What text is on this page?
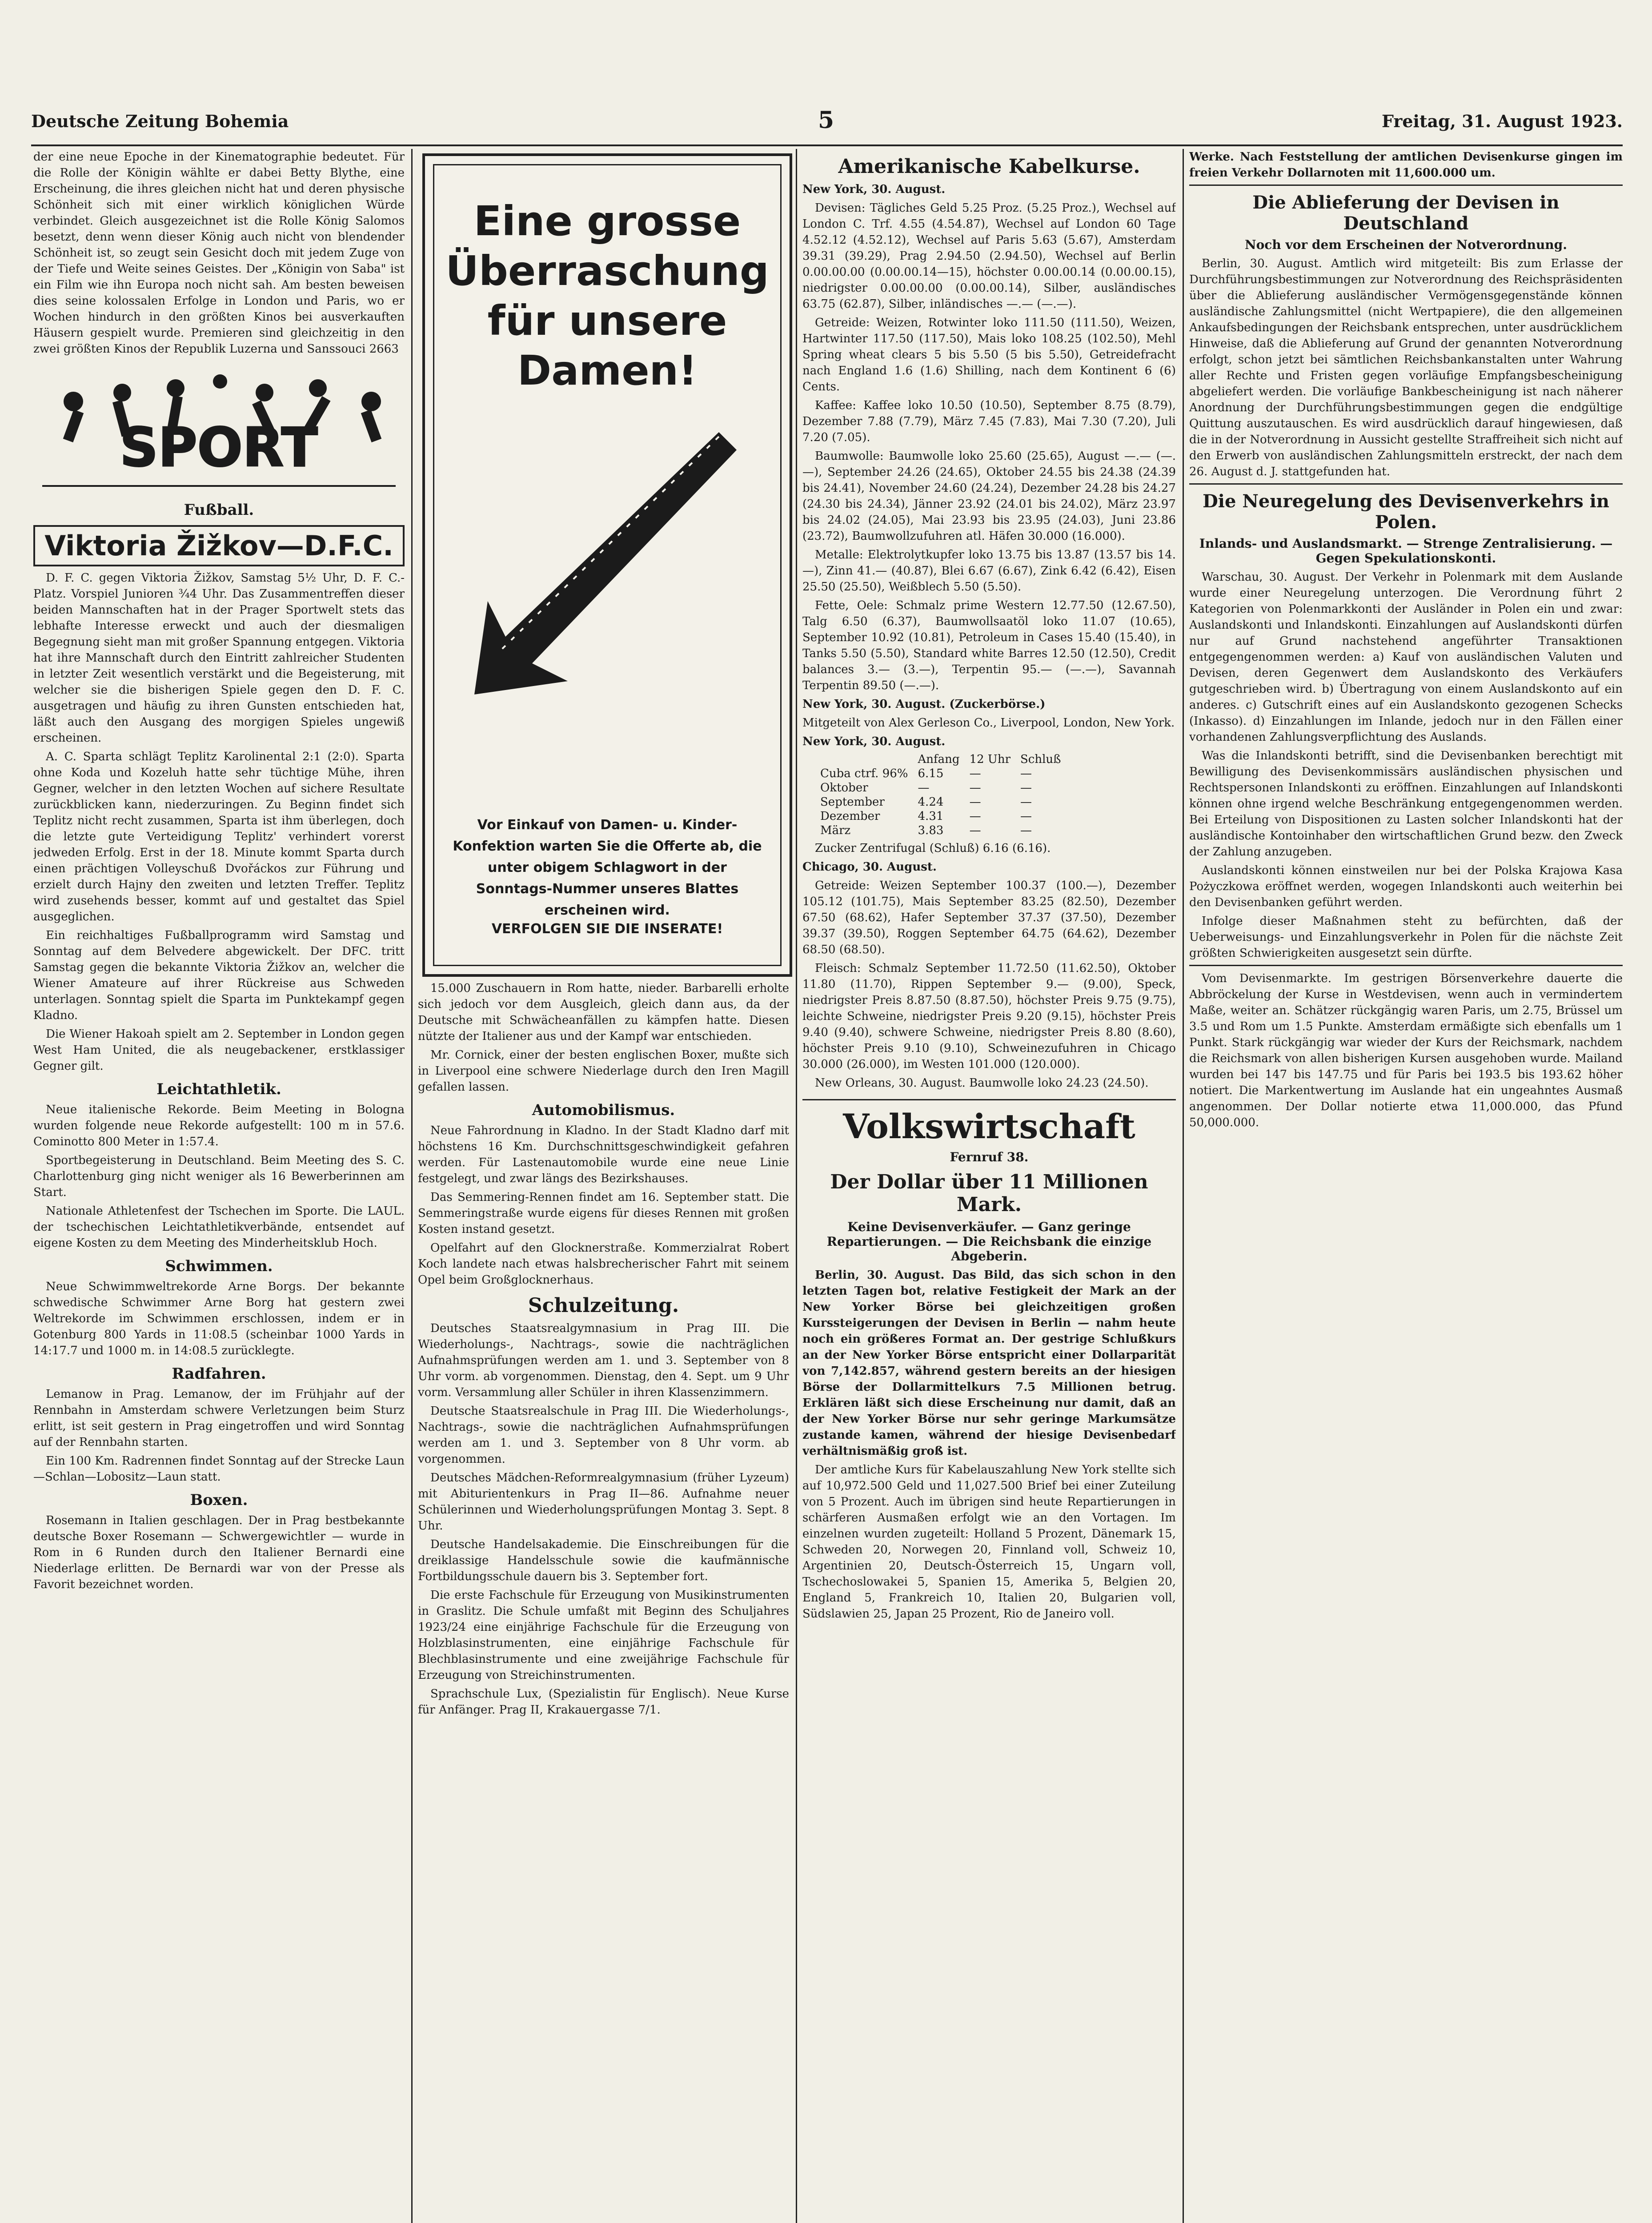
Deutsche Zeitung Bohemia	5	Freitag, 31. August 1923.

der eine neue Epoche in der Kinematographie bedeutet. Für die Rolle der Königin wählte er dabei Betty Blythe, eine Erscheinung, die ihres gleichen nicht hat und deren physische Schönheit sich mit einer wirklich königlichen Würde verbindet. Gleich ausgezeichnet ist die Rolle König Salomos besetzt, denn wenn dieser König auch nicht von blendender Schönheit ist, so zeugt sein Gesicht doch mit jedem Zuge von der Tiefe und Weite seines Geistes. Der „Königin von Saba" ist ein Film wie ihn Europa noch nicht sah. Am besten beweisen dies seine kolossalen Erfolge in London und Paris, wo er Wochen hindurch in den größten Kinos bei ausverkauften Häusern gespielt wurde. Premieren sind gleichzeitig in den zwei größten Kinos der Republik Luzerna und Sanssouci 2663

SPORT
Fußball.
Viktoria Žižkov—D.F.C.

D. F. C. gegen Viktoria Žižkov, Samstag 5½ Uhr, D. F. C.-Platz. Vorspiel Junioren ¾4 Uhr. Das Zusammentreffen dieser beiden Mannschaften hat in der Prager Sportwelt stets das lebhafte Interesse erweckt und auch der diesmaligen Begegnung sieht man mit großer Spannung entgegen. Viktoria hat ihre Mannschaft durch den Eintritt zahlreicher Studenten in letzter Zeit wesentlich verstärkt und die Begeisterung, mit welcher sie die bisherigen Spiele gegen den D. F. C. ausgetragen und häufig zu ihren Gunsten entschieden hat, läßt auch den Ausgang des morgigen Spieles ungewiß erscheinen.

A. C. Sparta schlägt Teplitz Karolinental 2:1 (2:0). Sparta ohne Koda und Kozeluh hatte sehr tüchtige Mühe, ihren Gegner, welcher in den letzten Wochen auf sichere Resultate zurückblicken kann, niederzuringen. Zu Beginn findet sich Teplitz nicht recht zusammen, Sparta ist ihm überlegen, doch die letzte gute Verteidigung Teplitz' verhindert vorerst jedweden Erfolg. Erst in der 18. Minute kommt Sparta durch einen prächtigen Volleyschuß Dvořáckos zur Führung und erzielt durch Hajny den zweiten und letzten Treffer. Teplitz wird zusehends besser, kommt auf und gestaltet das Spiel ausgeglichen.

Ein reichhaltiges Fußballprogramm wird Samstag und Sonntag auf dem Belvedere abgewickelt. Der DFC. tritt Samstag gegen die bekannte Viktoria Žižkov an, welcher die Wiener Amateure auf ihrer Rückreise aus Schweden unterlagen. Sonntag spielt die Sparta im Punktekampf gegen Kladno.

Die Wiener Hakoah spielt am 2. September in London gegen West Ham United, die als neugebackener, erstklassiger Gegner gilt.

Leichtathletik.

Neue italienische Rekorde. Beim Meeting in Bologna wurden folgende neue Rekorde aufgestellt: 100 m in 57.6. Cominotto 800 Meter in 1:57.4.

Sportbegeisterung in Deutschland. Beim Meeting des S. C. Charlottenburg ging nicht weniger als 16 Bewerberinnen am Start.

Nationale Athletenfest der Tschechen im Sporte. Die LAUL. der tschechischen Leichtathletikverbände, entsendet auf eigene Kosten zu dem Meeting des Minderheitsklub Hoch.

Schwimmen.

Neue Schwimmweltrekorde Arne Borgs. Der bekannte schwedische Schwimmer Arne Borg hat gestern zwei Weltrekorde im Schwimmen erschlossen, indem er in Gotenburg 800 Yards in 11:08.5 (scheinbar 1000 Yards in 14:17.7 und 1000 m. in 14:08.5 zurücklegte.

Radfahren.

Lemanow in Prag. Lemanow, der im Frühjahr auf der Rennbahn in Amsterdam schwere Verletzungen beim Sturz erlitt, ist seit gestern in Prag eingetroffen und wird Sonntag auf der Rennbahn starten.

Ein 100 Km. Radrennen findet Sonntag auf der Strecke Laun—Schlan—Lobositz—Laun statt.

Boxen.

Rosemann in Italien geschlagen. Der in Prag bestbekannte deutsche Boxer Rosemann — Schwergewichtler — wurde in Rom in 6 Runden durch den Italiener Bernardi eine Niederlage erlitten. De Bernardi war von der Presse als Favorit bezeichnet worden.

Eine grosse
Überraschung
für unsere
Damen!
Vor Einkauf von Damen- u. Kinder-Konfektion warten Sie die Offerte ab, die unter obigem Schlagwort in der Sonntags-Nummer unseres Blattes erscheinen wird.
VERFOLGEN SIE DIE INSERATE!

15.000 Zuschauern in Rom hatte, nieder. Barbarelli erholte sich jedoch vor dem Ausgleich, gleich dann aus, da der Deutsche mit Schwächeanfällen zu kämpfen hatte. Diesen nützte der Italiener aus und der Kampf war entschieden.

Mr. Cornick, einer der besten englischen Boxer, mußte sich in Liverpool eine schwere Niederlage durch den Iren Magill gefallen lassen.

Automobilismus.

Neue Fahrordnung in Kladno. In der Stadt Kladno darf mit höchstens 16 Km. Durchschnittsgeschwindigkeit gefahren werden. Für Lastenautomobile wurde eine neue Linie festgelegt, und zwar längs des Bezirkshauses.

Das Semmering-Rennen findet am 16. September statt. Die Semmeringstraße wurde eigens für dieses Rennen mit großen Kosten instand gesetzt.

Opelfahrt auf den Glocknerstraße. Kommerzialrat Robert Koch landete nach etwas halsbrecherischer Fahrt mit seinem Opel beim Großglocknerhaus.

Schulzeitung.

Deutsches Staatsrealgymnasium in Prag III. Die Wiederholungs-, Nachtrags-, sowie die nachträglichen Aufnahmsprüfungen werden am 1. und 3. September von 8 Uhr vorm. ab vorgenommen. Dienstag, den 4. Sept. um 9 Uhr vorm. Versammlung aller Schüler in ihren Klassenzimmern.

Deutsche Staatsrealschule in Prag III. Die Wiederholungs-, Nachtrags-, sowie die nachträglichen Aufnahmsprüfungen werden am 1. und 3. September von 8 Uhr vorm. ab vorgenommen.

Deutsches Mädchen-Reformrealgymnasium (früher Lyzeum) mit Abiturientenkurs in Prag II—86. Aufnahme neuer Schülerinnen und Wiederholungsprüfungen Montag 3. Sept. 8 Uhr.

Deutsche Handelsakademie. Die Einschreibungen für die dreiklassige Handelsschule sowie die kaufmännische Fortbildungsschule dauern bis 3. September fort.

Die erste Fachschule für Erzeugung von Musikinstrumenten in Graslitz. Die Schule umfaßt mit Beginn des Schuljahres 1923/24 eine einjährige Fachschule für die Erzeugung von Holzblasinstrumenten, eine einjährige Fachschule für Blechblasinstrumente und eine zweijährige Fachschule für Erzeugung von Streichinstrumenten.

Sprachschule Lux, (Spezialistin für Englisch). Neue Kurse für Anfänger. Prag II, Krakauergasse 7/1.

Amerikanische Kabelkurse.

New York, 30. August.

Devisen: Tägliches Geld 5.25 Proz. (5.25 Proz.), Wechsel auf London C. Trf. 4.55 (4.54.87), Wechsel auf London 60 Tage 4.52.12 (4.52.12), Wechsel auf Paris 5.63 (5.67), Amsterdam 39.31 (39.29), Prag 2.94.50 (2.94.50), Wechsel auf Berlin 0.00.00.00 (0.00.00.14—15), höchster 0.00.00.14 (0.00.00.15), niedrigster 0.00.00.00 (0.00.00.14), Silber, ausländisches 63.75 (62.87), Silber, inländisches —.— (—.—).

Getreide: Weizen, Rotwinter loko 111.50 (111.50), Weizen, Hartwinter 117.50 (117.50), Mais loko 108.25 (102.50), Mehl Spring wheat clears 5 bis 5.50 (5 bis 5.50), Getreidefracht nach England 1.6 (1.6) Shilling, nach dem Kontinent 6 (6) Cents.

Kaffee: Kaffee loko 10.50 (10.50), September 8.75 (8.79), Dezember 7.88 (7.79), März 7.45 (7.83), Mai 7.30 (7.20), Juli 7.20 (7.05).

Baumwolle: Baumwolle loko 25.60 (25.65), August —.— (—.—), September 24.26 (24.65), Oktober 24.55 bis 24.38 (24.39 bis 24.41), November 24.60 (24.24), Dezember 24.28 bis 24.27 (24.30 bis 24.34), Jänner 23.92 (24.01 bis 24.02), März 23.97 bis 24.02 (24.05), Mai 23.93 bis 23.95 (24.03), Juni 23.86 (23.72), Baumwollzufuhren atl. Häfen 30.000 (16.000).

Metalle: Elektrolytkupfer loko 13.75 bis 13.87 (13.57 bis 14.—), Zinn 41.— (40.87), Blei 6.67 (6.67), Zink 6.42 (6.42), Eisen 25.50 (25.50), Weißblech 5.50 (5.50).

Fette, Oele: Schmalz prime Western 12.77.50 (12.67.50), Talg 6.50 (6.37), Baumwollsaatöl loko 11.07 (10.65), September 10.92 (10.81), Petroleum in Cases 15.40 (15.40), in Tanks 5.50 (5.50), Standard white Barres 12.50 (12.50), Credit balances 3.— (3.—), Terpentin 95.— (—.—), Savannah Terpentin 89.50 (—.—).

New York, 30. August. (Zuckerbörse.)

Mitgeteilt von Alex Gerleson Co., Liverpool, London, New York.

New York, 30. August.

	Anfang	12 Uhr	Schluß
Cuba ctrf. 96%	6.15	—	—
Oktober	—	—	—
September	4.24	—	—
Dezember	4.31	—	—
März	3.83	—	—

Zucker Zentrifugal (Schluß) 6.16 (6.16).

Chicago, 30. August.

Getreide: Weizen September 100.37 (100.—), Dezember 105.12 (101.75), Mais September 83.25 (82.50), Dezember 67.50 (68.62), Hafer September 37.37 (37.50), Dezember 39.37 (39.50), Roggen September 64.75 (64.62), Dezember 68.50 (68.50).

Fleisch: Schmalz September 11.72.50 (11.62.50), Oktober 11.80 (11.70), Rippen September 9.— (9.00), Speck, niedrigster Preis 8.87.50 (8.87.50), höchster Preis 9.75 (9.75), leichte Schweine, niedrigster Preis 9.20 (9.15), höchster Preis 9.40 (9.40), schwere Schweine, niedrigster Preis 8.80 (8.60), höchster Preis 9.10 (9.10), Schweinezufuhren in Chicago 30.000 (26.000), im Westen 101.000 (120.000).

New Orleans, 30. August. Baumwolle loko 24.23 (24.50).

Volkswirtschaft
Fernruf 38.
Der Dollar über 11 Millionen Mark.
Keine Devisenverkäufer. — Ganz geringe Repartierungen. — Die Reichsbank die einzige Abgeberin.

Berlin, 30. August. Das Bild, das sich schon in den letzten Tagen bot, relative Festigkeit der Mark an der New Yorker Börse bei gleichzeitigen großen Kurssteigerungen der Devisen in Berlin — nahm heute noch ein größeres Format an. Der gestrige Schlußkurs an der New Yorker Börse entspricht einer Dollarparität von 7,142.857, während gestern bereits an der hiesigen Börse der Dollarmittelkurs 7.5 Millionen betrug. Erklären läßt sich diese Erscheinung nur damit, daß an der New Yorker Börse nur sehr geringe Markumsätze zustande kamen, während der hiesige Devisenbedarf verhältnismäßig groß ist.

Der amtliche Kurs für Kabelauszahlung New York stellte sich auf 10,972.500 Geld und 11,027.500 Brief bei einer Zuteilung von 5 Prozent. Auch im übrigen sind heute Repartierungen in schärferen Ausmaßen erfolgt wie an den Vortagen. Im einzelnen wurden zugeteilt: Holland 5 Prozent, Dänemark 15, Schweden 20, Norwegen 20, Finnland voll, Schweiz 10, Argentinien 20, Deutsch-Österreich 15, Ungarn voll, Tschechoslowakei 5, Spanien 15, Amerika 5, Belgien 20, England 5, Frankreich 10, Italien 20, Bulgarien voll, Südslawien 25, Japan 25 Prozent, Rio de Janeiro voll.

Werke. Nach Feststellung der amtlichen Devisenkurse gingen im freien Verkehr Dollarnoten mit 11,600.000 um.

Die Ablieferung der Devisen in Deutschland
Noch vor dem Erscheinen der Notverordnung.

Berlin, 30. August. Amtlich wird mitgeteilt: Bis zum Erlasse der Durchführungsbestimmungen zur Notverordnung des Reichspräsidenten über die Ablieferung ausländischer Vermögensgegenstände können ausländische Zahlungsmittel (nicht Wertpapiere), die den allgemeinen Ankaufsbedingungen der Reichsbank entsprechen, unter ausdrücklichem Hinweise, daß die Ablieferung auf Grund der genannten Notverordnung erfolgt, schon jetzt bei sämtlichen Reichsbankanstalten unter Wahrung aller Rechte und Fristen gegen vorläufige Empfangsbescheinigung abgeliefert werden. Die vorläufige Bankbescheinigung ist nach näherer Anordnung der Durchführungsbestimmungen gegen die endgültige Quittung auszutauschen. Es wird ausdrücklich darauf hingewiesen, daß die in der Notverordnung in Aussicht gestellte Straffreiheit sich nicht auf den Erwerb von ausländischen Zahlungsmitteln erstreckt, der nach dem 26. August d. J. stattgefunden hat.

Die Neuregelung des Devisenverkehrs in Polen.
Inlands- und Auslandsmarkt. — Strenge Zentralisierung. — Gegen Spekulationskonti.

Warschau, 30. August. Der Verkehr in Polenmark mit dem Auslande wurde einer Neuregelung unterzogen. Die Verordnung führt 2 Kategorien von Polenmarkkonti der Ausländer in Polen ein und zwar: Auslandskonti und Inlandskonti. Einzahlungen auf Auslandskonti dürfen nur auf Grund nachstehend angeführter Transaktionen entgegengenommen werden: a) Kauf von ausländischen Valuten und Devisen, deren Gegenwert dem Auslandskonto des Verkäufers gutgeschrieben wird. b) Übertragung von einem Auslandskonto auf ein anderes. c) Gutschrift eines auf ein Auslandskonto gezogenen Schecks (Inkasso). d) Einzahlungen im Inlande, jedoch nur in den Fällen einer vorhandenen Zahlungsverpflichtung des Auslands.

Was die Inlandskonti betrifft, sind die Devisenbanken berechtigt mit Bewilligung des Devisenkommissärs ausländischen physischen und Rechtspersonen Inlandskonti zu eröffnen. Einzahlungen auf Inlandskonti können ohne irgend welche Beschränkung entgegengenommen werden. Bei Erteilung von Dispositionen zu Lasten solcher Inlandskonti hat der ausländische Kontoinhaber den wirtschaftlichen Grund bezw. den Zweck der Zahlung anzugeben.

Auslandskonti können einstweilen nur bei der Polska Krajowa Kasa Pożyczkowa eröffnet werden, wogegen Inlandskonti auch weiterhin bei den Devisenbanken geführt werden.

Infolge dieser Maßnahmen steht zu befürchten, daß der Ueberweisungs- und Einzahlungsverkehr in Polen für die nächste Zeit größten Schwierigkeiten ausgesetzt sein dürfte.

Vom Devisenmarkte. Im gestrigen Börsenverkehre dauerte die Abbröckelung der Kurse in Westdevisen, wenn auch in vermindertem Maße, weiter an. Schätzer rückgängig waren Paris, um 2.75, Brüssel um 3.5 und Rom um 1.5 Punkte. Amsterdam ermäßigte sich ebenfalls um 1 Punkt. Stark rückgängig war wieder der Kurs der Reichsmark, nachdem die Reichsmark von allen bisherigen Kursen ausgehoben wurde. Mailand wurden bei 147 bis 147.75 und für Paris bei 193.5 bis 193.62 höher notiert. Die Markentwertung im Auslande hat ein ungeahntes Ausmaß angenommen. Der Dollar notierte etwa 11,000.000, das Pfund 50,000.000.
